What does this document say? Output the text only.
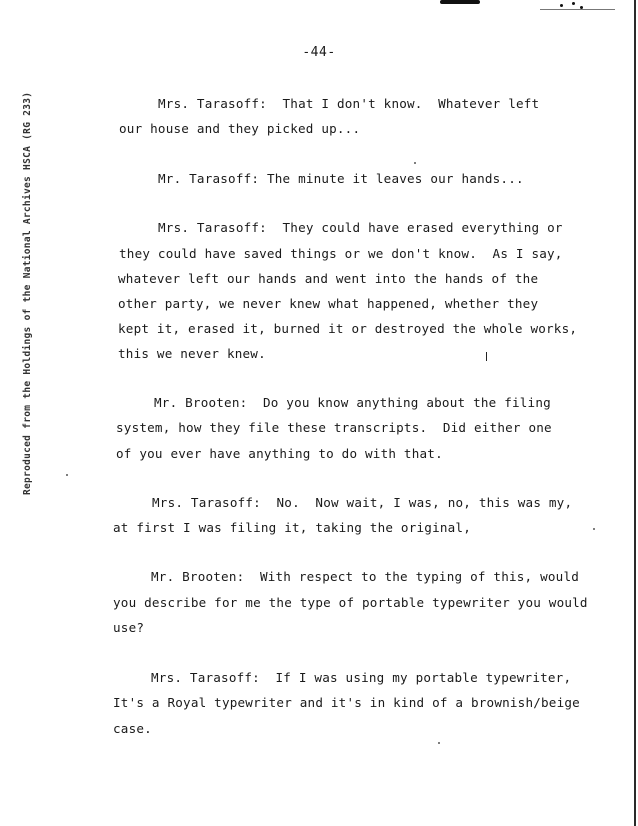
-44-
Reproduced from the Holdings of the National Archives HSCA (RG 233)	Mrs. Tarasoff:  That I don't know.  Whatever left
our house and they picked up...
Mr. Tarasoff: The minute it leaves our hands...
Mrs. Tarasoff:  They could have erased everything or
they could have saved things or we don't know.  As I say,
whatever left our hands and went into the hands of the
other party, we never knew what happened, whether they
kept it, erased it, burned it or destroyed the whole works,
this we never knew.
Mr. Brooten:  Do you know anything about the filing
system, how they file these transcripts.  Did either one
of you ever have anything to do with that.
Mrs. Tarasoff:  No.  Now wait, I was, no, this was my,
at first I was filing it, taking the original,
Mr. Brooten:  With respect to the typing of this, would
you describe for me the type of portable typewriter you would
use?
Mrs. Tarasoff:  If I was using my portable typewriter,
It's a Royal typewriter and it's in kind of a brownish/beige
case.
